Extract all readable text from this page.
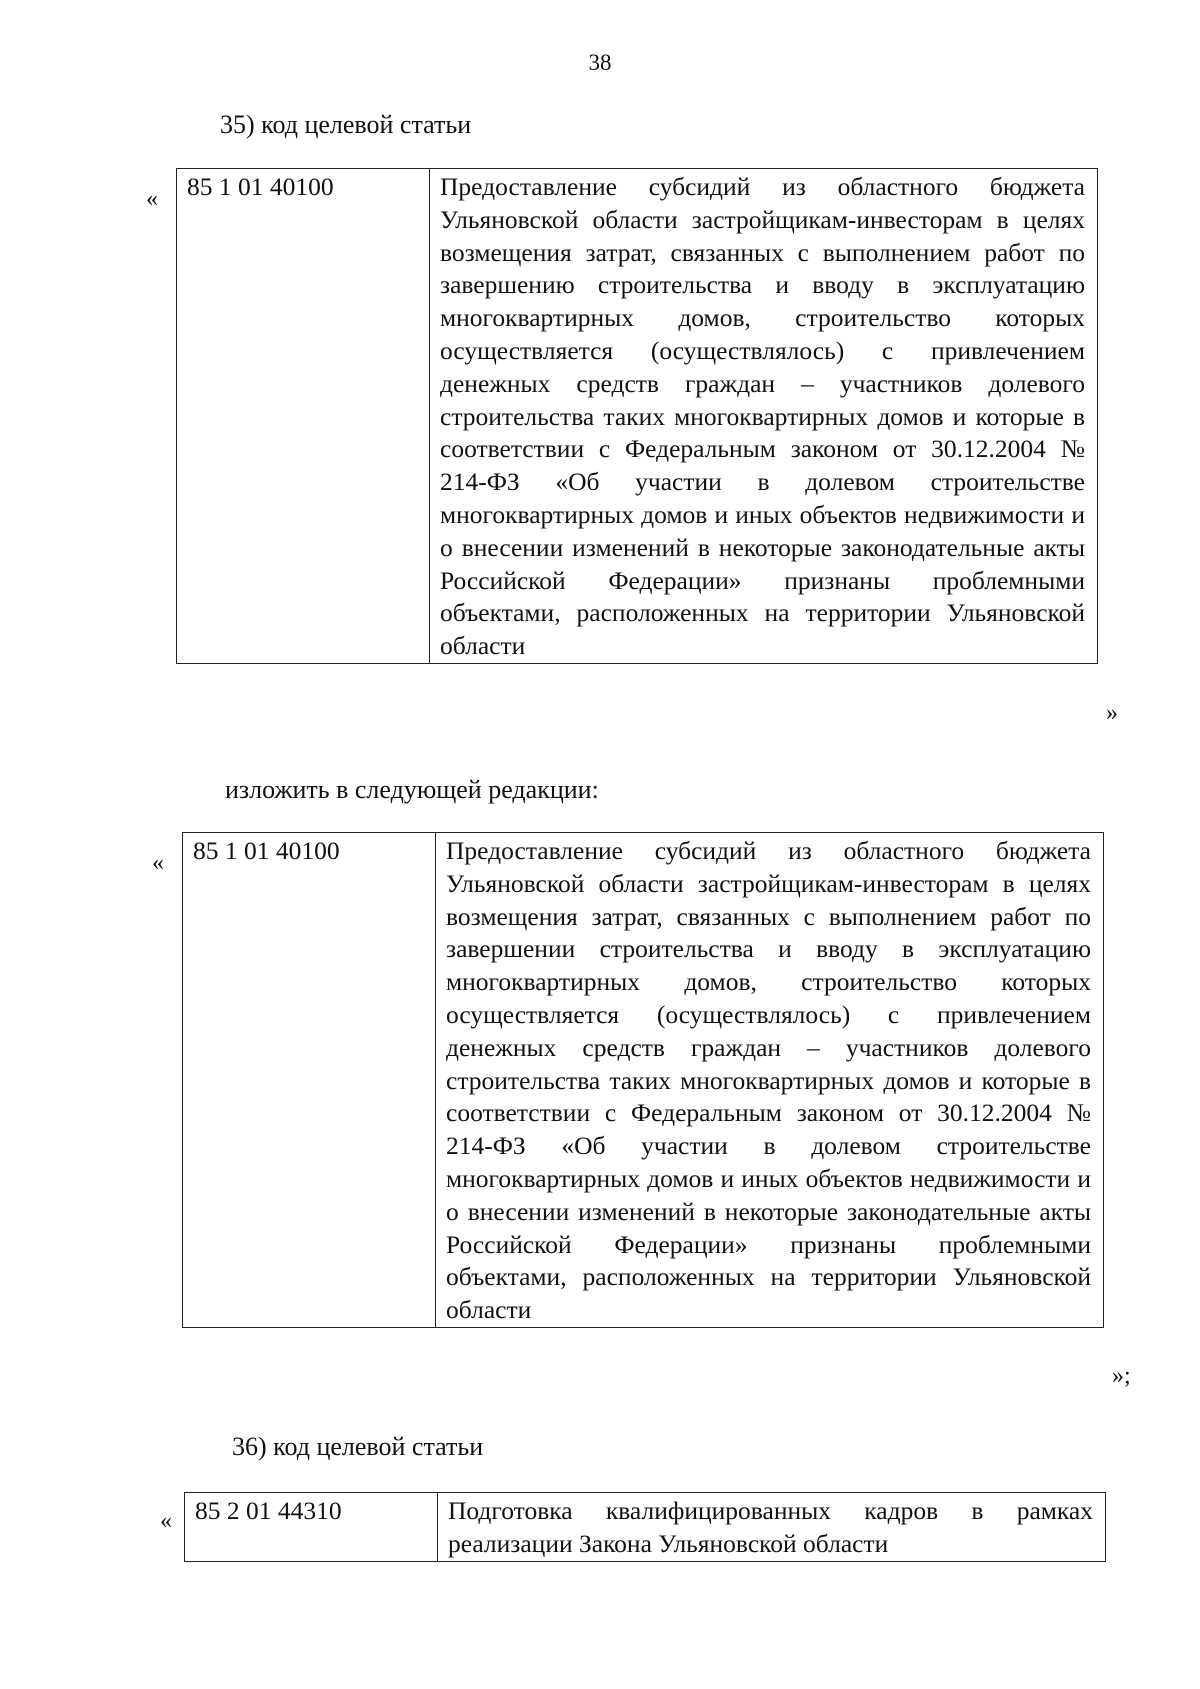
38
35) код целевой статьи
« 85 1 01 40100	Предоставление субсидий из областного бюджета Ульяновской области застройщикам-инвесторам в целях возмещения затрат, связанных с выполнением работ по завершению строительства и вводу в эксплуатацию многоквартирных домов, строительство которых осуществляется (осуществлялось) с привлечением денежных средств граждан – участников долевого строительства таких многоквартирных домов и которые в соответствии с Федеральным законом от 30.12.2004 № 214-ФЗ «Об участии в долевом строительстве многоквартирных домов и иных объектов недвижимости и о внесении изменений в некоторые законодательные акты Российской Федерации» признаны проблемными объектами, расположенных на территории Ульяновской области
»
изложить в следующей редакции:
« 85 1 01 40100	Предоставление субсидий из областного бюджета Ульяновской области застройщикам-инвесторам в целях возмещения затрат, связанных с выполнением работ по завершении строительства и вводу в эксплуатацию многоквартирных домов, строительство которых осуществляется (осуществлялось) с привлечением денежных средств граждан – участников долевого строительства таких многоквартирных домов и которые в соответствии с Федеральным законом от 30.12.2004 № 214-ФЗ «Об участии в долевом строительстве многоквартирных домов и иных объектов недвижимости и о внесении изменений в некоторые законодательные акты Российской Федерации» признаны проблемными объектами, расположенных на территории Ульяновской области
»;
36) код целевой статьи
« 85 2 01 44310	Подготовка квалифицированных кадров в рамках реализации Закона Ульяновской области
